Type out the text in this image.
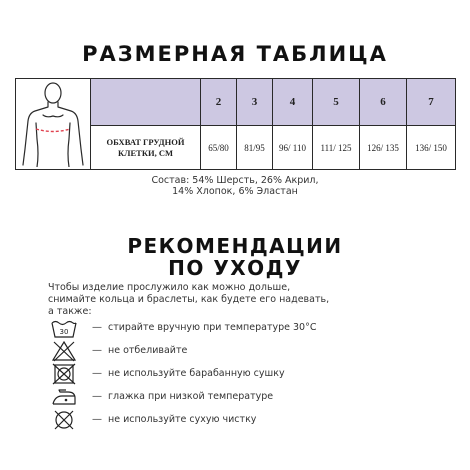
РАЗМЕРНАЯ ТАБЛИЦА
		2	3	4	5	6	7
	ОБХВАТ ГРУДНОЙ
КЛЕТКИ, СМ	65/80	81/95	96/ 110	111/ 125	126/ 135	136/ 150
Состав: 54% Шерсть, 26% Акрил,
14% Хлопок, 6% Эластан
РЕКОМЕНДАЦИИ
ПО УХОДУ
Чтобы изделие прослужило как можно дольше,
снимайте кольца и браслеты, как будете его надевать,
а также:
30 — стирайте вручную при температуре 30°С
— не отбеливайте
— не используйте барабанную сушку
— глажка при низкой температуре
— не используйте сухую чистку
